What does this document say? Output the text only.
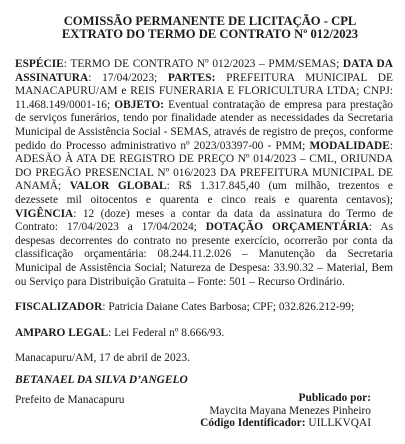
COMISSÃO PERMANENTE DE LICITAÇÃO - CPL
EXTRATO DO TERMO DE CONTRATO Nº 012/2023
ESPÉCIE: TERMO DE CONTRATO Nº 012/2023 – PMM/SEMAS; DATA DA ASSINATURA: 17/04/2023; PARTES: PREFEITURA MUNICIPAL DE MANACAPURU/AM e REIS FUNERARIA E FLORICULTURA LTDA; CNPJ: 11.468.149/0001-16; OBJETO: Eventual contratação de empresa para prestação de serviços funerários, tendo por finalidade atender as necessidades da Secretaria Municipal de Assistência Social - SEMAS, através de registro de preços, conforme pedido do Processo administrativo nº 2023/03397-00 - PMM; MODALIDADE: ADESÃO À ATA DE REGISTRO DE PREÇO Nº 014/2023 – CML, ORIUNDA DO PREGÃO PRESENCIAL Nº 016/2023 DA PREFEITURA MUNICIPAL DE ANAMÃ; VALOR GLOBAL: R$ 1.317.845,40 (um milhão, trezentos e dezessete mil oitocentos e quarenta e cinco reais e quarenta centavos); VIGÊNCIA: 12 (doze) meses a contar da data da assinatura do Termo de Contrato: 17/04/2023 a 17/04/2024; DOTAÇÃO ORÇAMENTÁRIA: As despesas decorrentes do contrato no presente exercício, ocorrerão por conta da classificação orçamentária: 08.244.11.2.026 – Manutenção da Secretaria Municipal de Assistência Social; Natureza de Despesa: 33.90.32 – Material, Bem ou Serviço para Distribuição Gratuita – Fonte: 501 – Recurso Ordinário.
FISCALIZADOR: Patricia Daiane Cates Barbosa; CPF; 032.826.212-99;
AMPARO LEGAL: Lei Federal nº 8.666/93.
Manacapuru/AM, 17 de abril de 2023.
BETANAEL DA SILVA D’ANGELO
Prefeito de Manacapuru	Publicado por:
Maycita Mayana Menezes Pinheiro
Código Identificador: UILLKVQAI
